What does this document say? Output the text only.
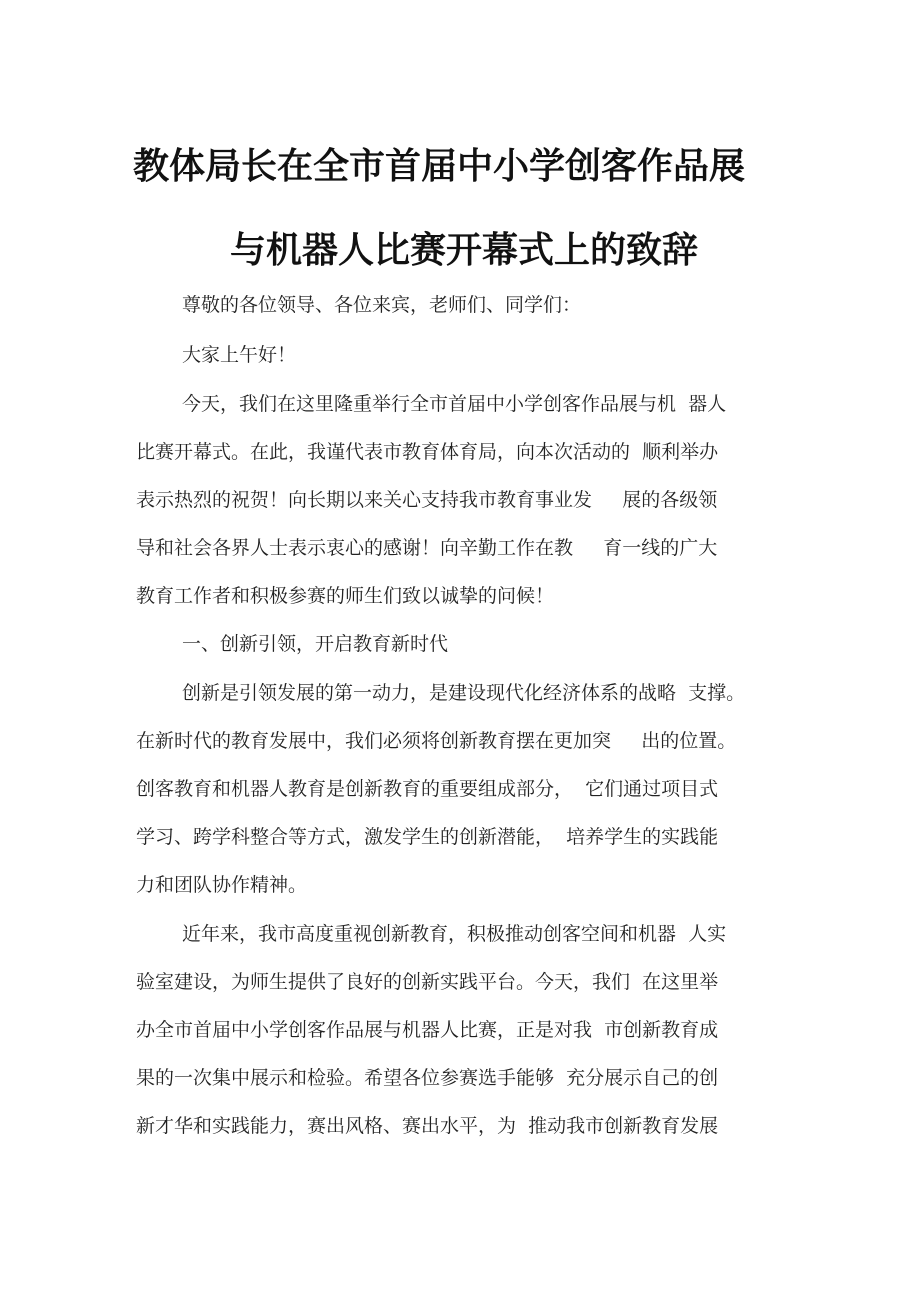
教体局长在全市首届中小学创客作品展
与机器人比赛开幕式上的致辞
尊敬的各位领导、各位来宾，老师们、同学们：
大家上午好！
今天，我们在这里隆重举行全市首届中小学创客作品展与机  器人
比赛开幕式。在此，我谨代表市教育体育局，向本次活动的  顺利举办
表示热烈的祝贺！向长期以来关心支持我市教育事业发     展的各级领
导和社会各界人士表示衷心的感谢！向辛勤工作在教     育一线的广大
教育工作者和积极参赛的师生们致以诚挚的问候！
一、创新引领，开启教育新时代
创新是引领发展的第一动力，是建设现代化经济体系的战略  支撑。
在新时代的教育发展中，我们必须将创新教育摆在更加突     出的位置。
创客教育和机器人教育是创新教育的重要组成部分，  它们通过项目式
学习、跨学科整合等方式，激发学生的创新潜能，  培养学生的实践能
力和团队协作精神。
近年来，我市高度重视创新教育，积极推动创客空间和机器  人实
验室建设，为师生提供了良好的创新实践平台。今天，我们  在这里举
办全市首届中小学创客作品展与机器人比赛，正是对我  市创新教育成
果的一次集中展示和检验。希望各位参赛选手能够  充分展示自己的创
新才华和实践能力，赛出风格、赛出水平，为  推动我市创新教育发展
